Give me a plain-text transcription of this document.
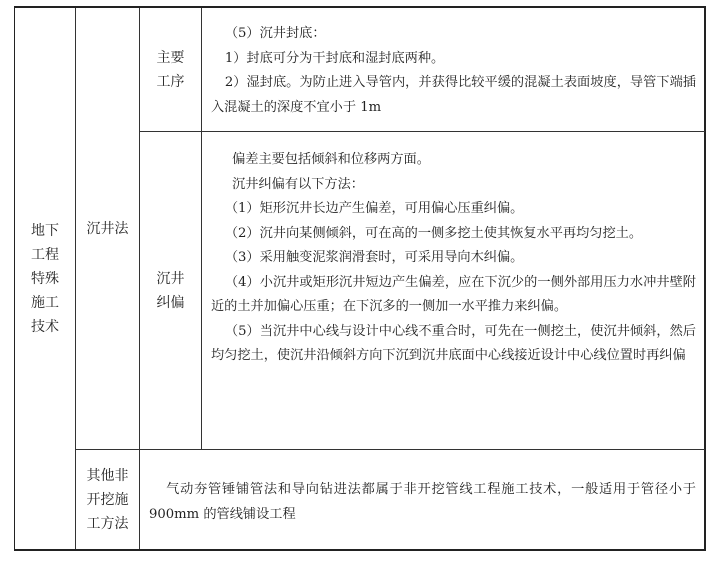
地下
工程
特殊
施工
技术
沉井法
主要
工序

（5）沉井封底：

1）封底可分为干封底和湿封底两种。

2）湿封底。为防止进入导管内，并获得比较平缓的混凝土表面坡度，导管下端插入混凝土的深度不宜小于 1m

沉井
纠偏

偏差主要包括倾斜和位移两方面。

沉井纠偏有以下方法：

（1）矩形沉井长边产生偏差，可用偏心压重纠偏。

（2）沉井向某侧倾斜，可在高的一侧多挖土使其恢复水平再均匀挖土。

（3）采用触变泥浆润滑套时，可采用导向木纠偏。

（4）小沉井或矩形沉井短边产生偏差，应在下沉少的一侧外部用压力水冲井壁附近的土并加偏心压重；在下沉多的一侧加一水平推力来纠偏。

（5）当沉井中心线与设计中心线不重合时，可先在一侧挖土，使沉井倾斜，然后均匀挖土，使沉井沿倾斜方向下沉到沉井底面中心线接近设计中心线位置时再纠偏

其他非
开挖施
工方法

气动夯管锤铺管法和导向钻进法都属于非开挖管线工程施工技术，一般适用于管径小于 900mm 的管线铺设工程
